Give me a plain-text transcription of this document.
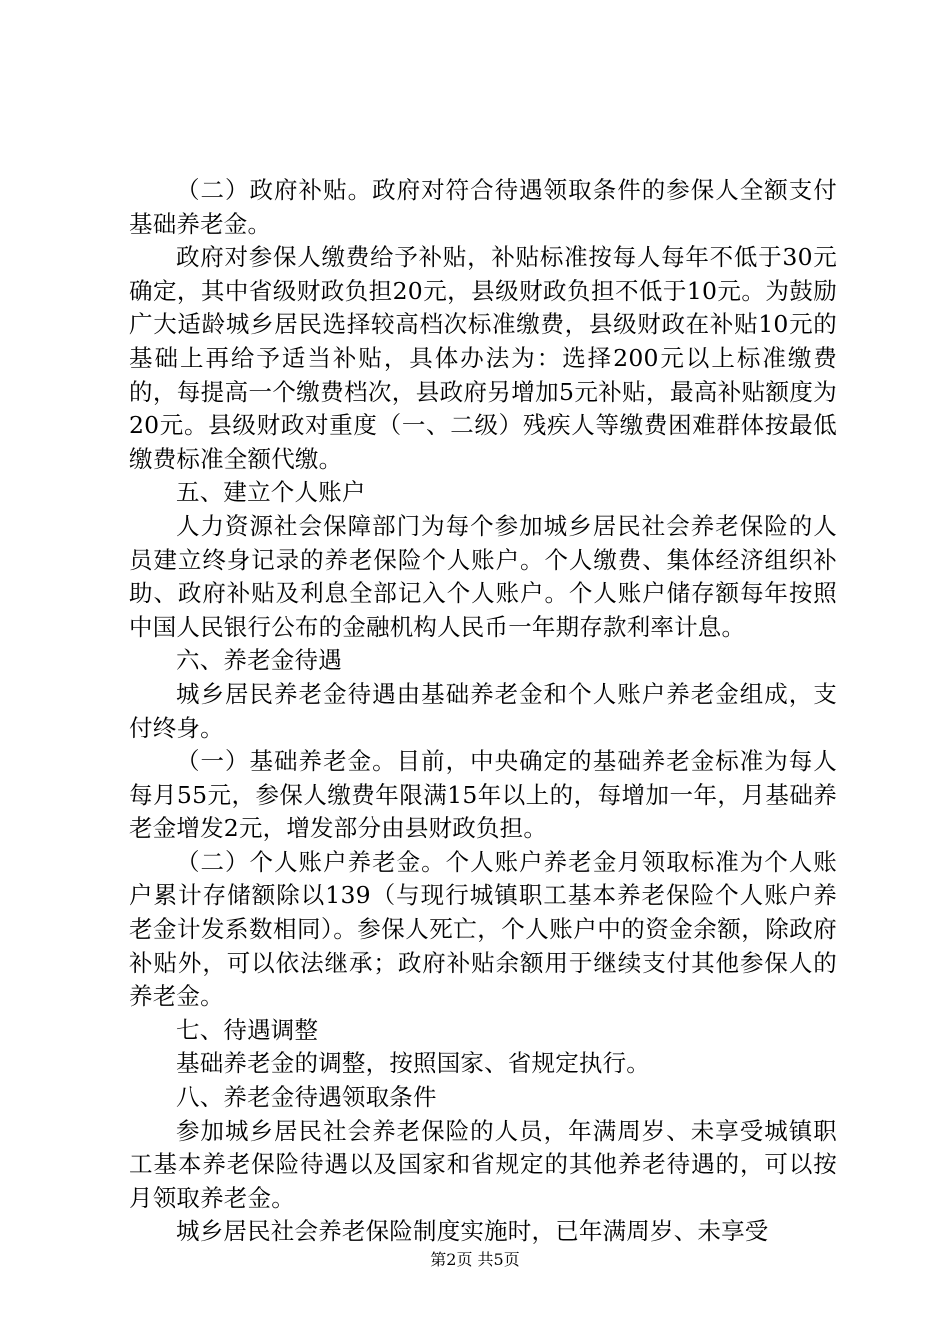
（二）政府补贴。政府对符合待遇领取条件的参保人全额支付基础养老金。

政府对参保人缴费给予补贴，补贴标准按每人每年不低于30元确定，其中省级财政负担20元，县级财政负担不低于10元。为鼓励广大适龄城乡居民选择较高档次标准缴费，县级财政在补贴10元的基础上再给予适当补贴，具体办法为：选择200元以上标准缴费的，每提高一个缴费档次，县政府另增加5元补贴，最高补贴额度为20元。县级财政对重度（一、二级）残疾人等缴费困难群体按最低缴费标准全额代缴。

五、建立个人账户

人力资源社会保障部门为每个参加城乡居民社会养老保险的人员建立终身记录的养老保险个人账户。个人缴费、集体经济组织补助、政府补贴及利息全部记入个人账户。个人账户储存额每年按照中国人民银行公布的金融机构人民币一年期存款利率计息。

六、养老金待遇

城乡居民养老金待遇由基础养老金和个人账户养老金组成，支付终身。

（一）基础养老金。目前，中央确定的基础养老金标准为每人每月55元，参保人缴费年限满15年以上的，每增加一年，月基础养老金增发2元，增发部分由县财政负担。

（二）个人账户养老金。个人账户养老金月领取标准为个人账户累计存储额除以139（与现行城镇职工基本养老保险个人账户养老金计发系数相同）。参保人死亡，个人账户中的资金余额，除政府补贴外，可以依法继承；政府补贴余额用于继续支付其他参保人的养老金。

七、待遇调整

基础养老金的调整，按照国家、省规定执行。

八、养老金待遇领取条件

参加城乡居民社会养老保险的人员，年满周岁、未享受城镇职工基本养老保险待遇以及国家和省规定的其他养老待遇的，可以按月领取养老金。

城乡居民社会养老保险制度实施时，已年满周岁、未享受

第2页 共5页
